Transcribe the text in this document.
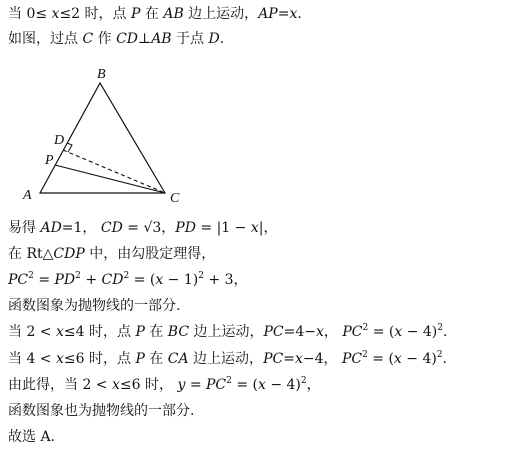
当 0≤ x≤2 时，点 P 在 AB 边上运动，AP=x.
如图，过点 C 作 CD⊥AB 于点 D.
B
D
P
A	C
易得 AD=1， CD = √3，PD = |1 − x|，
在 Rt△CDP 中，由勾股定理得，
$PC^2 = PD^2 + CD^2 = (x - 1)^2 + 3$，
函数图象为抛物线的一部分.
当 2 < x≤4 时，点 P 在 BC 边上运动，PC=4−x， $PC^2 = (x - 4)^2$.
当 4 < x≤6 时，点 P 在 CA 边上运动，PC=x−4， $PC^2 = (x - 4)^2$.
由此得，当 2 < x≤6 时， $y = PC^2 = (x - 4)^2$，
函数图象也为抛物线的一部分.
故选 A.
